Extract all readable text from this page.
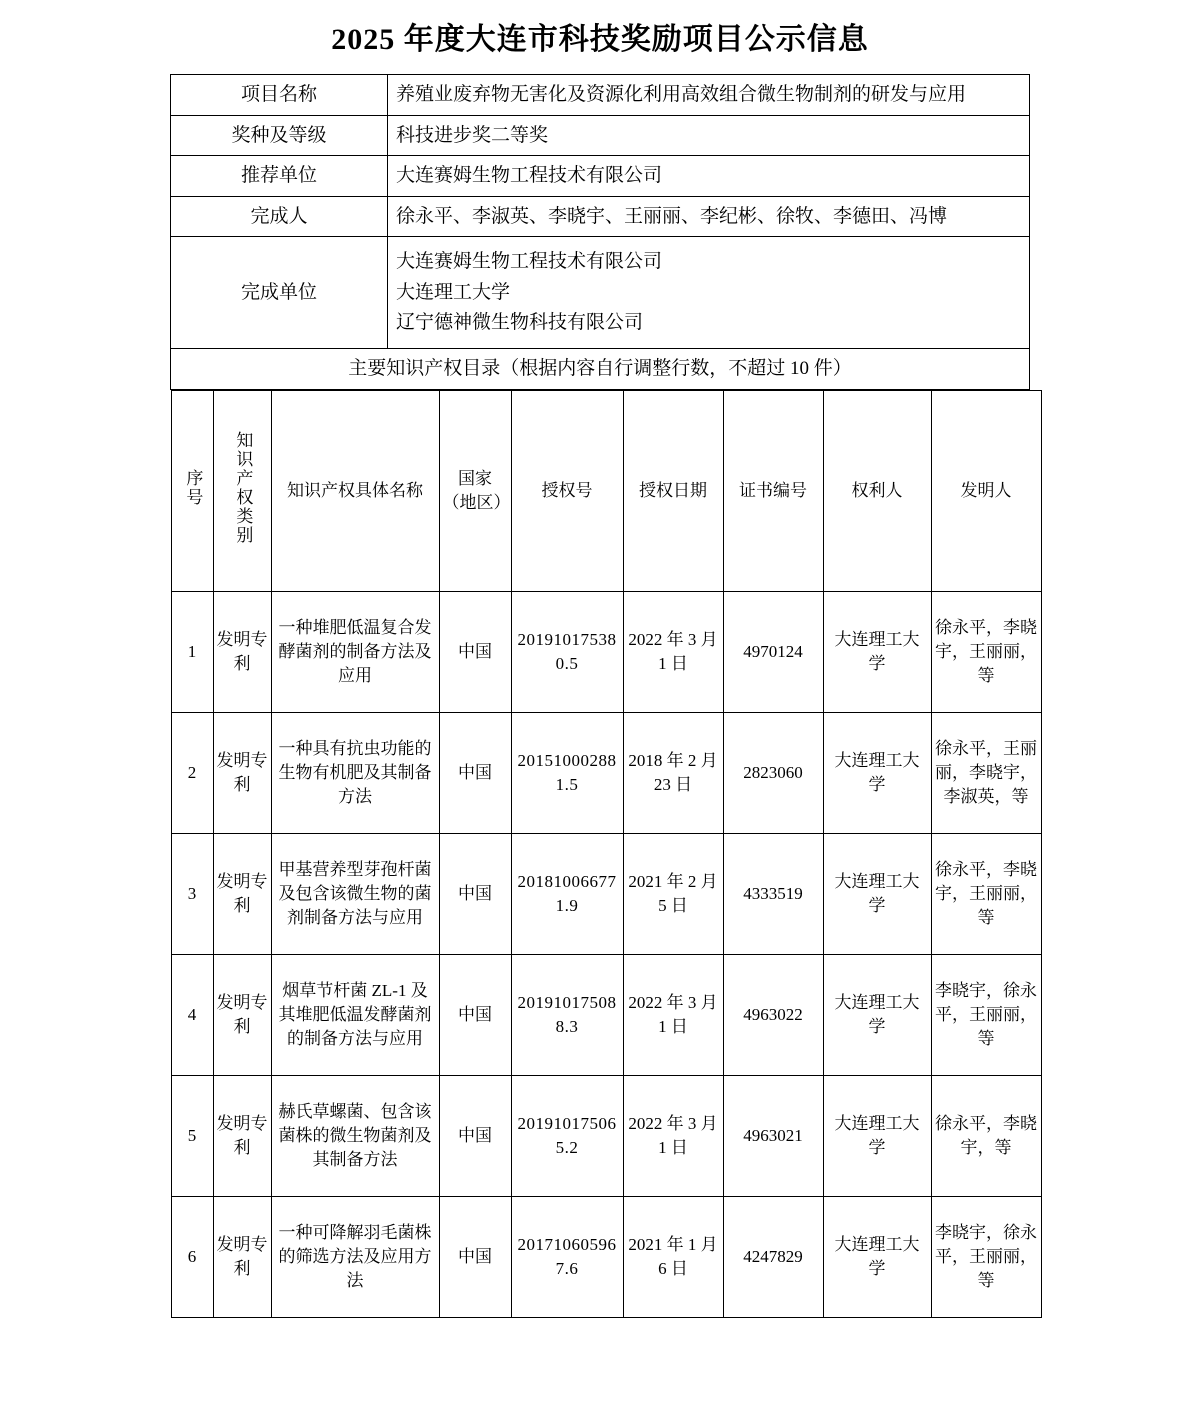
2025 年度大连市科技奖励项目公示信息
项目名称	养殖业废弃物无害化及资源化利用高效组合微生物制剂的研发与应用
奖种及等级	科技进步奖二等奖
推荐单位	大连赛姆生物工程技术有限公司
完成人	徐永平、李淑英、李晓宇、王丽丽、李纪彬、徐牧、李德田、冯博
完成单位	
大连赛姆生物工程技术有限公司
大连理工大学
辽宁德神微生物科技有限公司

主要知识产权目录（根据内容自行调整行数，不超过 10 件）

序号	知识产权类别	知识产权具体名称	国家（地区）	授权号	授权日期	证书编号	权利人	发明人
1	发明专利	一种堆肥低温复合发酵菌剂的制备方法及应用	中国	201910175380.5	2022 年 3 月 1 日	4970124	大连理工大学	徐永平，李晓宇，王丽丽，等
2	发明专利	一种具有抗虫功能的生物有机肥及其制备方法	中国	201510002881.5	2018 年 2 月 23 日	2823060	大连理工大学	徐永平，王丽丽，李晓宇，李淑英，等
3	发明专利	甲基营养型芽孢杆菌及包含该微生物的菌剂制备方法与应用	中国	201810066771.9	2021 年 2 月 5 日	4333519	大连理工大学	徐永平，李晓宇，王丽丽，等
4	发明专利	烟草节杆菌 ZL-1 及其堆肥低温发酵菌剂的制备方法与应用	中国	201910175088.3	2022 年 3 月 1 日	4963022	大连理工大学	李晓宇，徐永平，王丽丽，等
5	发明专利	赫氏草螺菌、包含该菌株的微生物菌剂及其制备方法	中国	201910175065.2	2022 年 3 月 1 日	4963021	大连理工大学	徐永平，李晓宇，等
6	发明专利	一种可降解羽毛菌株的筛选方法及应用方法	中国	201710605967.6	2021 年 1 月 6 日	4247829	大连理工大学	李晓宇，徐永平，王丽丽，等
